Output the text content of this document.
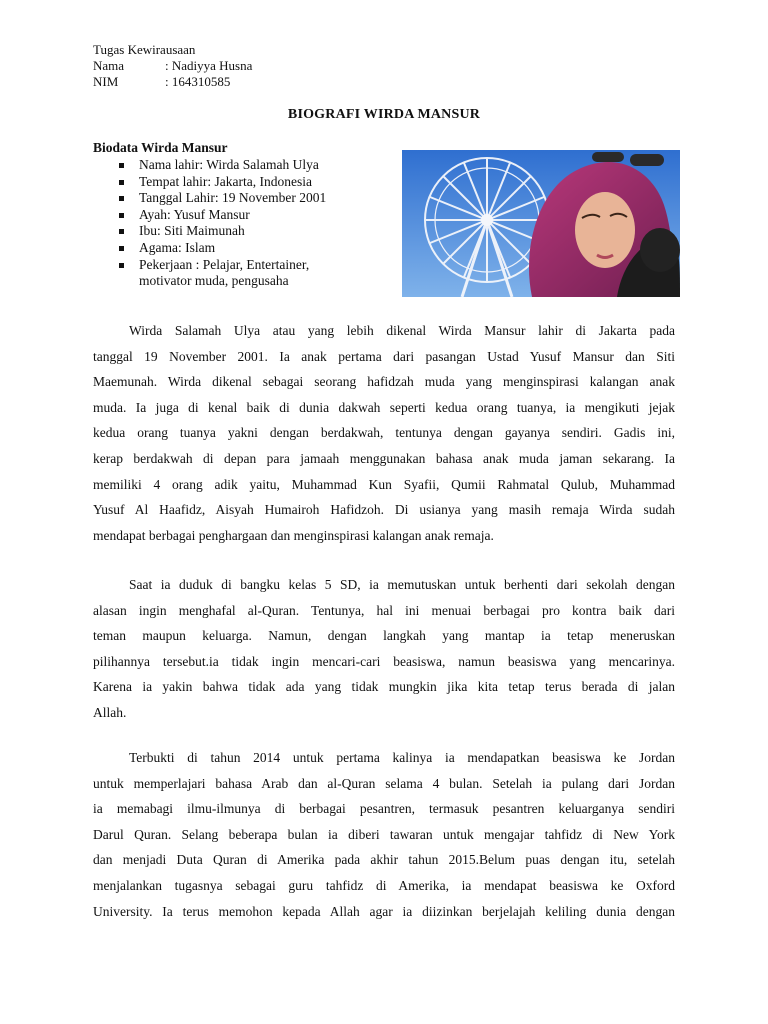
Tugas Kewirausaan
Nama	: Nadiyya Husna
NIM	: 164310585
BIOGRAFI WIRDA MANSUR
Biodata Wirda Mansur
Nama lahir: Wirda Salamah Ulya
Tempat lahir: Jakarta, Indonesia
Tanggal Lahir: 19 November 2001
Ayah: Yusuf Mansur
Ibu: Siti Maimunah
Agama: Islam
Pekerjaan : Pelajar, Entertainer,
motivator muda, pengusaha
Wirda Salamah Ulya atau yang lebih dikenal Wirda Mansur lahir di Jakarta pada
tanggal 19 November 2001. Ia anak pertama dari pasangan Ustad Yusuf Mansur dan Siti
Maemunah. Wirda dikenal sebagai seorang hafidzah muda yang menginspirasi kalangan anak
muda. Ia juga di kenal baik di dunia dakwah seperti kedua orang tuanya, ia mengikuti jejak
kedua orang tuanya yakni dengan berdakwah, tentunya dengan gayanya sendiri. Gadis ini,
kerap berdakwah di depan para jamaah menggunakan bahasa anak muda jaman sekarang. Ia
memiliki 4 orang adik yaitu, Muhammad Kun Syafii, Qumii Rahmatal Qulub, Muhammad
Yusuf Al Haafidz, Aisyah Humairoh Hafidzoh. Di usianya yang masih remaja Wirda sudah
mendapat berbagai penghargaan dan menginspirasi kalangan anak remaja.
Saat ia duduk di bangku kelas 5 SD, ia memutuskan untuk berhenti dari sekolah dengan
alasan ingin menghafal al-Quran. Tentunya, hal ini menuai berbagai pro kontra baik dari
teman maupun keluarga. Namun, dengan langkah yang mantap ia tetap meneruskan
pilihannya tersebut.ia tidak ingin mencari-cari beasiswa, namun beasiswa yang mencarinya.
Karena ia yakin bahwa tidak ada yang tidak mungkin jika kita tetap terus berada di jalan
Allah.
Terbukti di tahun 2014 untuk pertama kalinya ia mendapatkan beasiswa ke Jordan
untuk memperlajari bahasa Arab dan al-Quran selama 4 bulan. Setelah ia pulang dari Jordan
ia memabagi ilmu-ilmunya di berbagai pesantren, termasuk pesantren keluarganya sendiri
Darul Quran. Selang beberapa bulan ia diberi tawaran untuk mengajar tahfidz di New York
dan menjadi Duta Quran di Amerika pada akhir tahun 2015.Belum puas dengan itu, setelah
menjalankan tugasnya sebagai guru tahfidz di Amerika, ia mendapat beasiswa ke Oxford
University. Ia terus memohon kepada Allah agar ia diizinkan berjelajah keliling dunia dengan
